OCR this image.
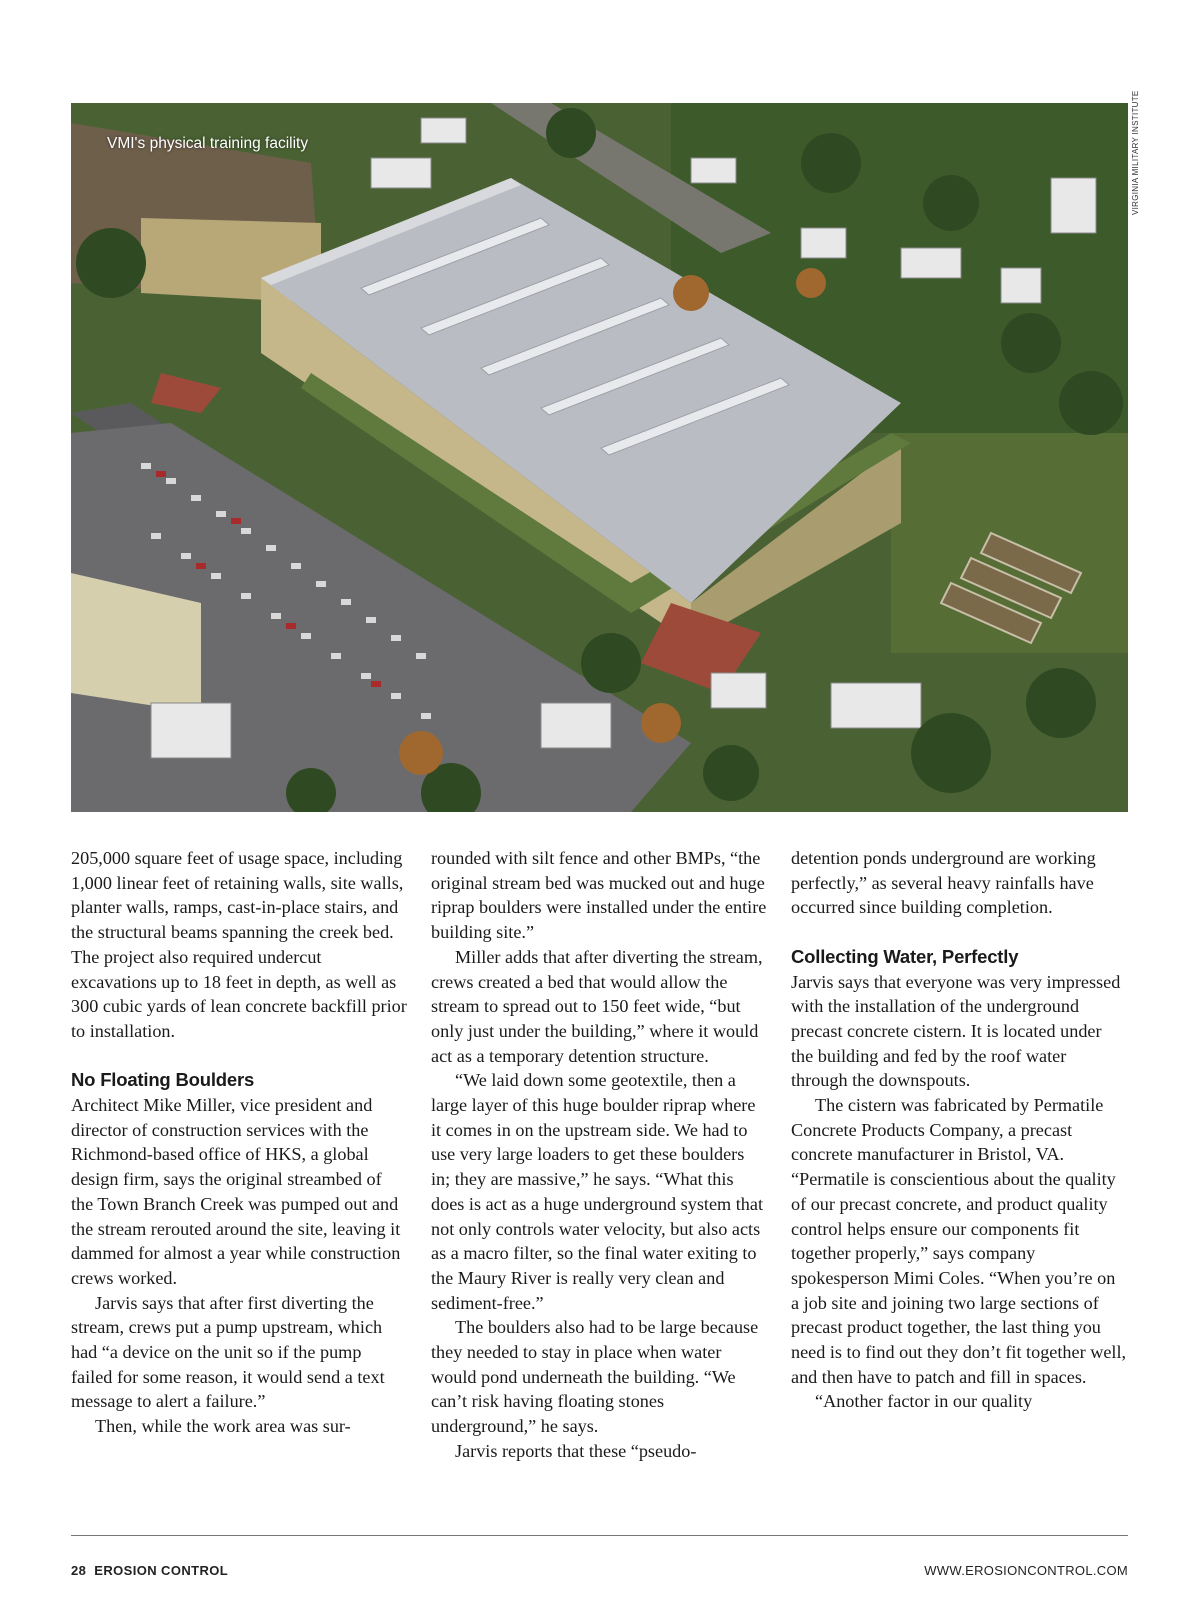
VMI's physical training facility	VIRGINIA MILITARY INSTITUTE

205,000 square feet of usage space, including 1,000 linear feet of retaining walls, site walls, planter walls, ramps, cast-in-place stairs, and the structural beams spanning the creek bed. The project also required undercut excavations up to 18 feet in depth, as well as 300 cubic yards of lean concrete backfill prior to installation.

No Floating Boulders

Architect Mike Miller, vice president and director of construction services with the Richmond-based office of HKS, a global design firm, says the original streambed of the Town Branch Creek was pumped out and the stream rerouted around the site, leaving it dammed for almost a year while construction crews worked.

Jarvis says that after first diverting the stream, crews put a pump upstream, which had “a device on the unit so if the pump failed for some reason, it would send a text message to alert a failure.”

Then, while the work area was sur-

rounded with silt fence and other BMPs, “the original stream bed was mucked out and huge riprap boulders were installed under the entire building site.”

Miller adds that after diverting the stream, crews created a bed that would allow the stream to spread out to 150 feet wide, “but only just under the building,” where it would act as a temporary detention structure.

“We laid down some geotextile, then a large layer of this huge boulder riprap where it comes in on the upstream side. We had to use very large loaders to get these boulders in; they are massive,” he says. “What this does is act as a huge underground system that not only controls water velocity, but also acts as a macro filter, so the final water exiting to the Maury River is really very clean and sediment-free.”

The boulders also had to be large because they needed to stay in place when water would pond underneath the building. “We can’t risk having floating stones underground,” he says.

Jarvis reports that these “pseudo-

detention ponds underground are working perfectly,” as several heavy rainfalls have occurred since building completion.

Collecting Water, Perfectly

Jarvis says that everyone was very impressed with the installation of the underground precast concrete cistern. It is located under the building and fed by the roof water through the downspouts.

The cistern was fabricated by Permatile Concrete Products Company, a precast concrete manufacturer in Bristol, VA. “Permatile is conscientious about the quality of our precast concrete, and product quality control helps ensure our components fit together properly,” says company spokesperson Mimi Coles. “When you’re on a job site and joining two large sections of precast product together, the last thing you need is to find out they don’t fit together well, and then have to patch and fill in spaces.

“Another factor in our quality

28 EROSION CONTROL	WWW.EROSIONCONTROL.COM
